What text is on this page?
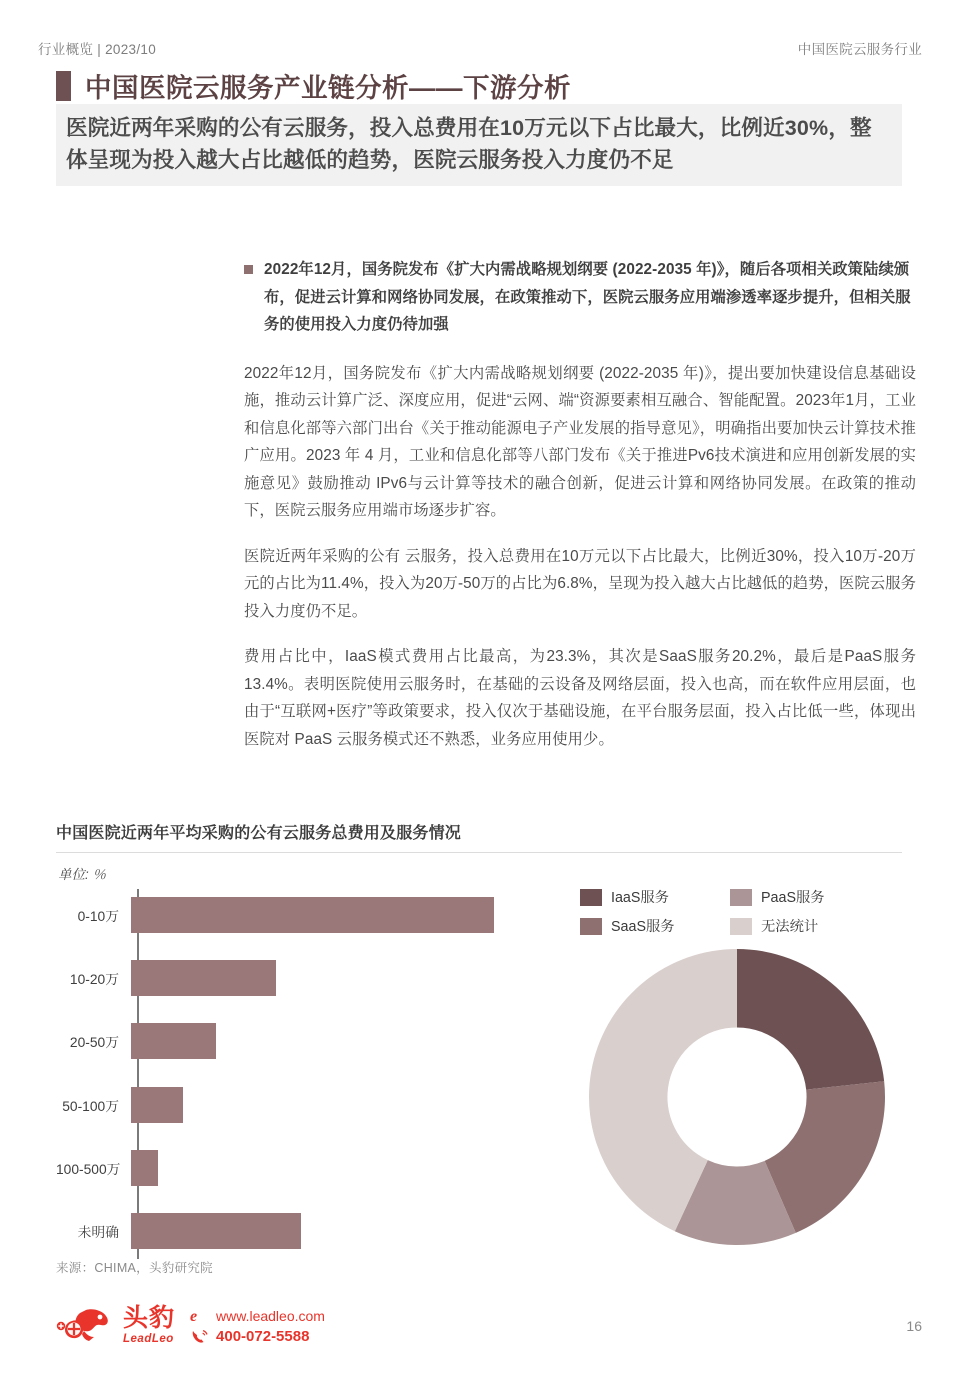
行业概览 | 2023/10	中国医院云服务行业
中国医院云服务产业链分析——下游分析
医院近两年采购的公有云服务，投入总费用在10万元以下占比最大，比例近30%，整体呈现为投入越大占比越低的趋势，医院云服务投入力度仍不足
2022年12月，国务院发布《扩大内需战略规划纲要 (2022-2035 年)》，随后各项相关政策陆续颁布，促进云计算和网络协同发展，在政策推动下，医院云服务应用端渗透率逐步提升，但相关服务的使用投入力度仍待加强

2022年12月，国务院发布《扩大内需战略规划纲要 (2022-2035 年)》，提出要加快建设信息基础设施，推动云计算广泛、深度应用，促进“云网、端“资源要素相互融合、智能配置。2023年1月，工业和信息化部等六部门出台《关于推动能源电子产业发展的指导意见》，明确指出要加快云计算技术推广应用。2023 年 4 月，工业和信息化部等八部门发布《关于推进Pv6技术演进和应用创新发展的实施意见》鼓励推动 IPv6与云计算等技术的融合创新，促进云计算和网络协同发展。在政策的推动下，医院云服务应用端市场逐步扩容。

医院近两年采购的公有 云服务，投入总费用在10万元以下占比最大，比例近30%，投入10万-20万元的占比为11.4%，投入为20万-50万的占比为6.8%，呈现为投入越大占比越低的趋势，医院云服务投入力度仍不足。

费用占比中，IaaS模式费用占比最高，为23.3%，其次是SaaS服务20.2%，最后是PaaS服务13.4%。表明医院使用云服务时，在基础的云设备及网络层面，投入也高，而在软件应用层面，也由于“互联网+医疗”等政策要求，投入仅次于基础设施，在平台服务层面，投入占比低一些，体现出医院对 PaaS 云服务模式还不熟悉，业务应用使用少。

中国医院近两年平均采购的公有云服务总费用及服务情况
单位: ％
0-10万
10-20万
20-50万
50-100万
100-500万
未明确
IaaS服务	PaaS服务
SaaS服务	无法统计
来源：CHIMA，头豹研究院
头豹
LeadLeo
e www.leadleo.com
400-072-5588
16
